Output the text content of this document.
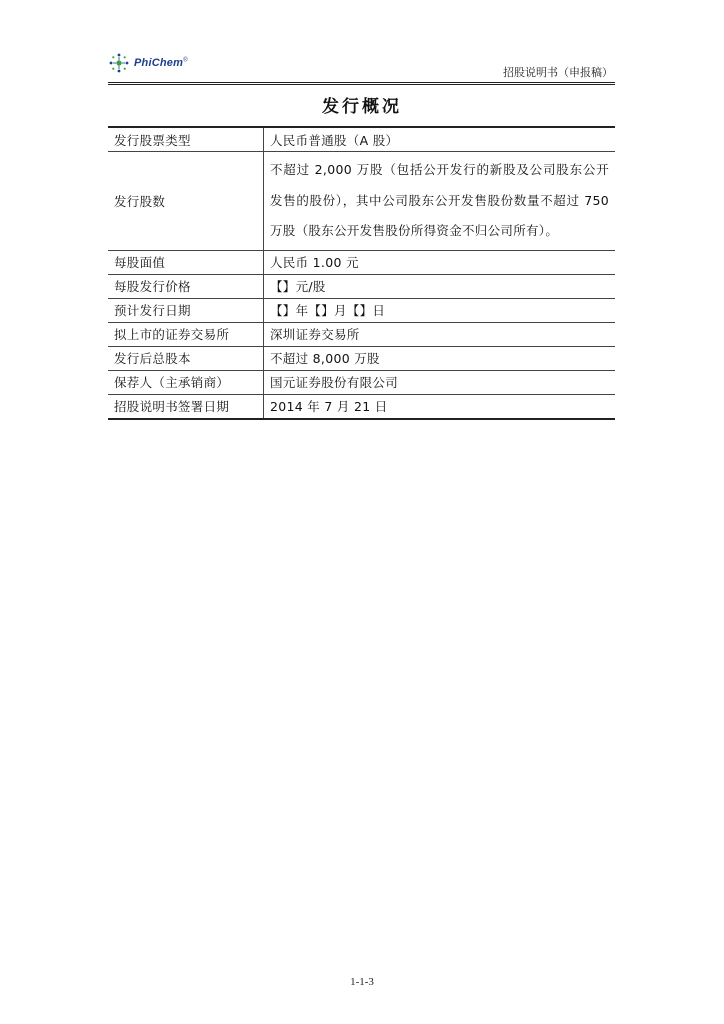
PhiChem®
招股说明书（申报稿）
发行概况
发行股票类型	人民币普通股（A 股）
发行股数	不超过 2,000 万股（包括公开发行的新股及公司股东公开发售的股份），其中公司股东公开发售股份数量不超过 750 万股（股东公开发售股份所得资金不归公司所有）。
每股面值	人民币 1.00 元
每股发行价格	【】元/股
预计发行日期	【】年【】月【】日
拟上市的证券交易所	深圳证券交易所
发行后总股本	不超过 8,000 万股
保荐人（主承销商）	国元证券股份有限公司
招股说明书签署日期	2014 年 7 月 21 日
1-1-3
